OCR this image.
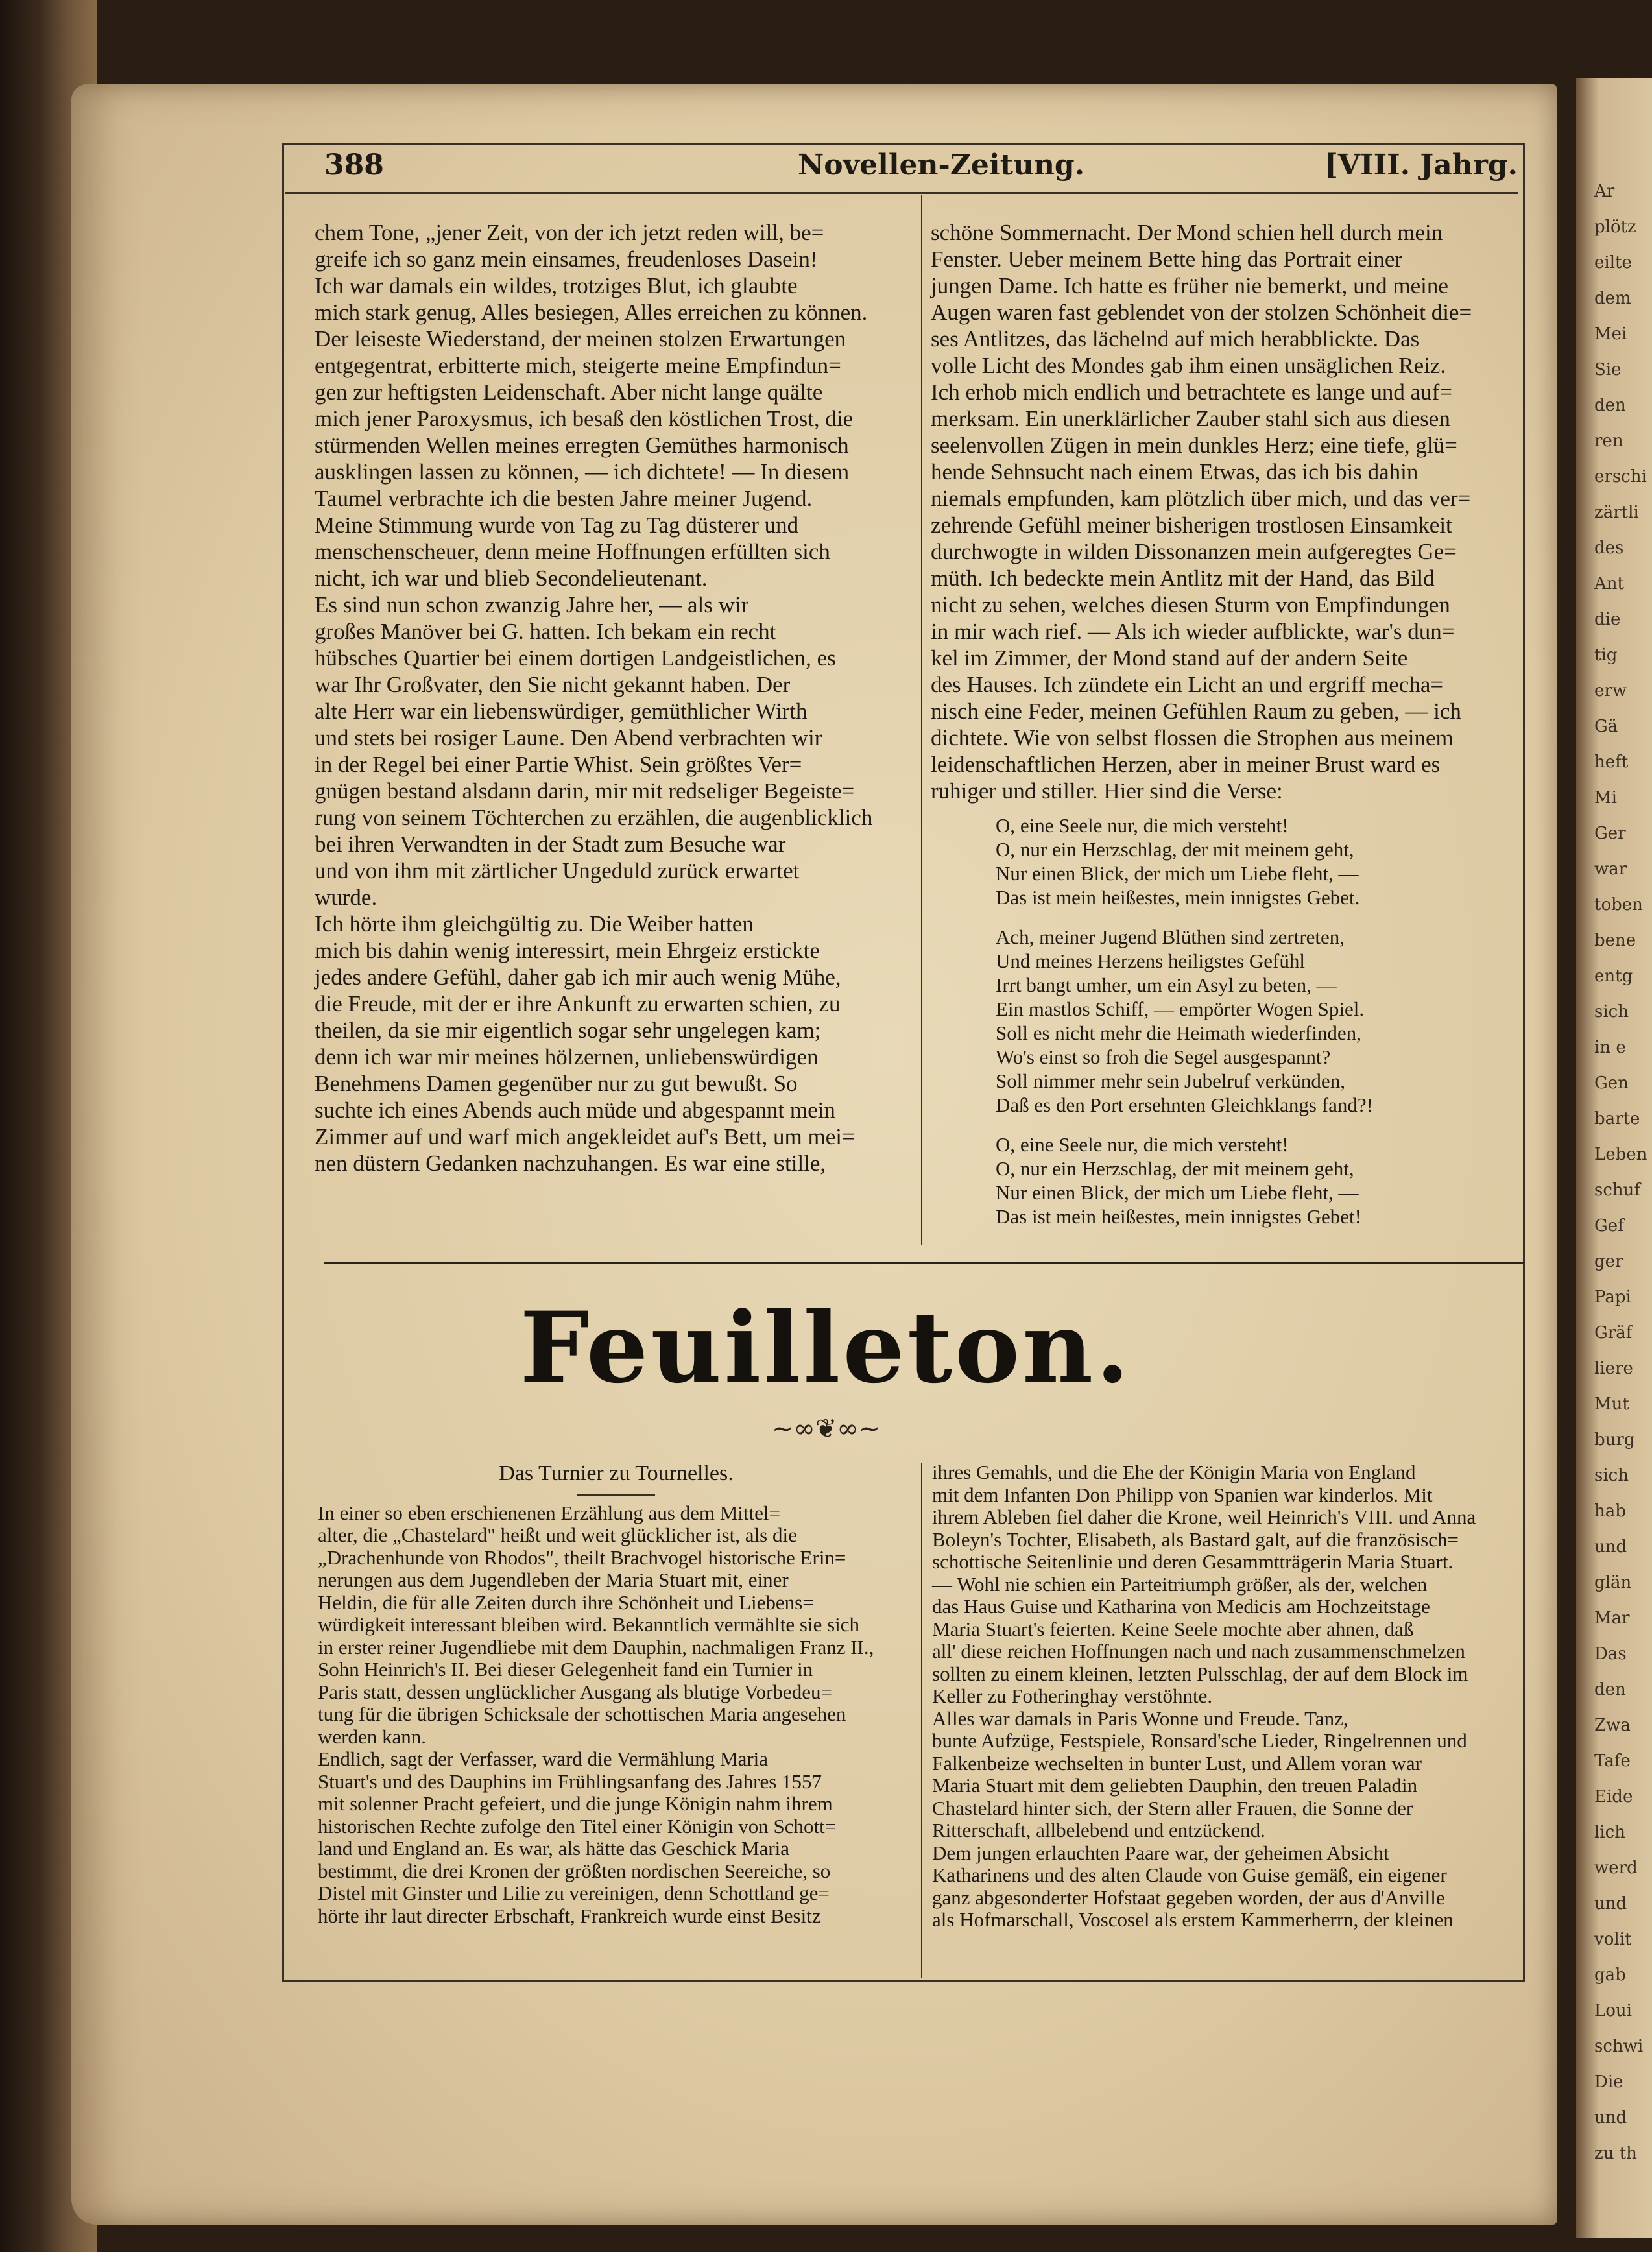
Ar
plötz
eilte
dem
Mei
Sie
den
ren
erschi
zärtli
des
Ant
die
tig
erw
Gä
heft
Mi
Ger
war
toben
bene
entg
sich
in e
Gen
barte
Leben
schuf
Gef
ger
Papi
Gräf
liere
Mut
burg
sich
hab
und
glän
Mar
Das
den
Zwa
Tafe
Eide
lich
werd
und
volit
gab
Loui
schwi
Die
und
zu th
388	Novellen-Zeitung.	[VIII. Jahrg.
chem Tone, „jener Zeit, von der ich jetzt reden will, be=
greife ich so ganz mein einsames, freudenloses Dasein!
Ich war damals ein wildes, trotziges Blut, ich glaubte
mich stark genug, Alles besiegen, Alles erreichen zu können.
Der leiseste Wiederstand, der meinen stolzen Erwartungen
entgegentrat, erbitterte mich, steigerte meine Empfindun=
gen zur heftigsten Leidenschaft. Aber nicht lange quälte
mich jener Paroxysmus, ich besaß den köstlichen Trost, die
stürmenden Wellen meines erregten Gemüthes harmonisch
ausklingen lassen zu können, — ich dichtete! — In diesem
Taumel verbrachte ich die besten Jahre meiner Jugend.
Meine Stimmung wurde von Tag zu Tag düsterer und
menschenscheuer, denn meine Hoffnungen erfüllten sich
nicht, ich war und blieb Secondelieutenant.
Es sind nun schon zwanzig Jahre her, — als wir
großes Manöver bei G. hatten. Ich bekam ein recht
hübsches Quartier bei einem dortigen Landgeistlichen, es
war Ihr Großvater, den Sie nicht gekannt haben. Der
alte Herr war ein liebenswürdiger, gemüthlicher Wirth
und stets bei rosiger Laune. Den Abend verbrachten wir
in der Regel bei einer Partie Whist. Sein größtes Ver=
gnügen bestand alsdann darin, mir mit redseliger Begeiste=
rung von seinem Töchterchen zu erzählen, die augenblicklich
bei ihren Verwandten in der Stadt zum Besuche war
und von ihm mit zärtlicher Ungeduld zurück erwartet
wurde.
Ich hörte ihm gleichgültig zu. Die Weiber hatten
mich bis dahin wenig interessirt, mein Ehrgeiz erstickte
jedes andere Gefühl, daher gab ich mir auch wenig Mühe,
die Freude, mit der er ihre Ankunft zu erwarten schien, zu
theilen, da sie mir eigentlich sogar sehr ungelegen kam;
denn ich war mir meines hölzernen, unliebenswürdigen
Benehmens Damen gegenüber nur zu gut bewußt. So
suchte ich eines Abends auch müde und abgespannt mein
Zimmer auf und warf mich angekleidet auf's Bett, um mei=
nen düstern Gedanken nachzuhangen. Es war eine stille,
schöne Sommernacht. Der Mond schien hell durch mein
Fenster. Ueber meinem Bette hing das Portrait einer
jungen Dame. Ich hatte es früher nie bemerkt, und meine
Augen waren fast geblendet von der stolzen Schönheit die=
ses Antlitzes, das lächelnd auf mich herabblickte. Das
volle Licht des Mondes gab ihm einen unsäglichen Reiz.
Ich erhob mich endlich und betrachtete es lange und auf=
merksam. Ein unerklärlicher Zauber stahl sich aus diesen
seelenvollen Zügen in mein dunkles Herz; eine tiefe, glü=
hende Sehnsucht nach einem Etwas, das ich bis dahin
niemals empfunden, kam plötzlich über mich, und das ver=
zehrende Gefühl meiner bisherigen trostlosen Einsamkeit
durchwogte in wilden Dissonanzen mein aufgeregtes Ge=
müth. Ich bedeckte mein Antlitz mit der Hand, das Bild
nicht zu sehen, welches diesen Sturm von Empfindungen
in mir wach rief. — Als ich wieder aufblickte, war's dun=
kel im Zimmer, der Mond stand auf der andern Seite
des Hauses. Ich zündete ein Licht an und ergriff mecha=
nisch eine Feder, meinen Gefühlen Raum zu geben, — ich
dichtete. Wie von selbst flossen die Strophen aus meinem
leidenschaftlichen Herzen, aber in meiner Brust ward es
ruhiger und stiller. Hier sind die Verse:
O, eine Seele nur, die mich versteht!
O, nur ein Herzschlag, der mit meinem geht,
Nur einen Blick, der mich um Liebe fleht, —
Das ist mein heißestes, mein innigstes Gebet.
Ach, meiner Jugend Blüthen sind zertreten,
Und meines Herzens heiligstes Gefühl
Irrt bangt umher, um ein Asyl zu beten, —
Ein mastlos Schiff, — empörter Wogen Spiel.
Soll es nicht mehr die Heimath wiederfinden,
Wo's einst so froh die Segel ausgespannt?
Soll nimmer mehr sein Jubelruf verkünden,
Daß es den Port ersehnten Gleichklangs fand?!
O, eine Seele nur, die mich versteht!
O, nur ein Herzschlag, der mit meinem geht,
Nur einen Blick, der mich um Liebe fleht, —
Das ist mein heißestes, mein innigstes Gebet!
Feuilleton.
~∞❦∞~
Das Turnier zu Tournelles.
In einer so eben erschienenen Erzählung aus dem Mittel=
alter, die „Chastelard" heißt und weit glücklicher ist, als die
„Drachenhunde von Rhodos", theilt Brachvogel historische Erin=
nerungen aus dem Jugendleben der Maria Stuart mit, einer
Heldin, die für alle Zeiten durch ihre Schönheit und Liebens=
würdigkeit interessant bleiben wird. Bekanntlich vermählte sie sich
in erster reiner Jugendliebe mit dem Dauphin, nachmaligen Franz II.,
Sohn Heinrich's II. Bei dieser Gelegenheit fand ein Turnier in
Paris statt, dessen unglücklicher Ausgang als blutige Vorbedeu=
tung für die übrigen Schicksale der schottischen Maria angesehen
werden kann.
Endlich, sagt der Verfasser, ward die Vermählung Maria
Stuart's und des Dauphins im Frühlingsanfang des Jahres 1557
mit solenner Pracht gefeiert, und die junge Königin nahm ihrem
historischen Rechte zufolge den Titel einer Königin von Schott=
land und England an. Es war, als hätte das Geschick Maria
bestimmt, die drei Kronen der größten nordischen Seereiche, so
Distel mit Ginster und Lilie zu vereinigen, denn Schottland ge=
hörte ihr laut directer Erbschaft, Frankreich wurde einst Besitz
ihres Gemahls, und die Ehe der Königin Maria von England
mit dem Infanten Don Philipp von Spanien war kinderlos. Mit
ihrem Ableben fiel daher die Krone, weil Heinrich's VIII. und Anna
Boleyn's Tochter, Elisabeth, als Bastard galt, auf die französisch=
schottische Seitenlinie und deren Gesammtträgerin Maria Stuart.
— Wohl nie schien ein Parteitriumph größer, als der, welchen
das Haus Guise und Katharina von Medicis am Hochzeitstage
Maria Stuart's feierten. Keine Seele mochte aber ahnen, daß
all' diese reichen Hoffnungen nach und nach zusammenschmelzen
sollten zu einem kleinen, letzten Pulsschlag, der auf dem Block im
Keller zu Fotheringhay verstöhnte.
Alles war damals in Paris Wonne und Freude. Tanz,
bunte Aufzüge, Festspiele, Ronsard'sche Lieder, Ringelrennen und
Falkenbeize wechselten in bunter Lust, und Allem voran war
Maria Stuart mit dem geliebten Dauphin, den treuen Paladin
Chastelard hinter sich, der Stern aller Frauen, die Sonne der
Ritterschaft, allbelebend und entzückend.
Dem jungen erlauchten Paare war, der geheimen Absicht
Katharinens und des alten Claude von Guise gemäß, ein eigener
ganz abgesonderter Hofstaat gegeben worden, der aus d'Anville
als Hofmarschall, Voscosel als erstem Kammerherrn, der kleinen
